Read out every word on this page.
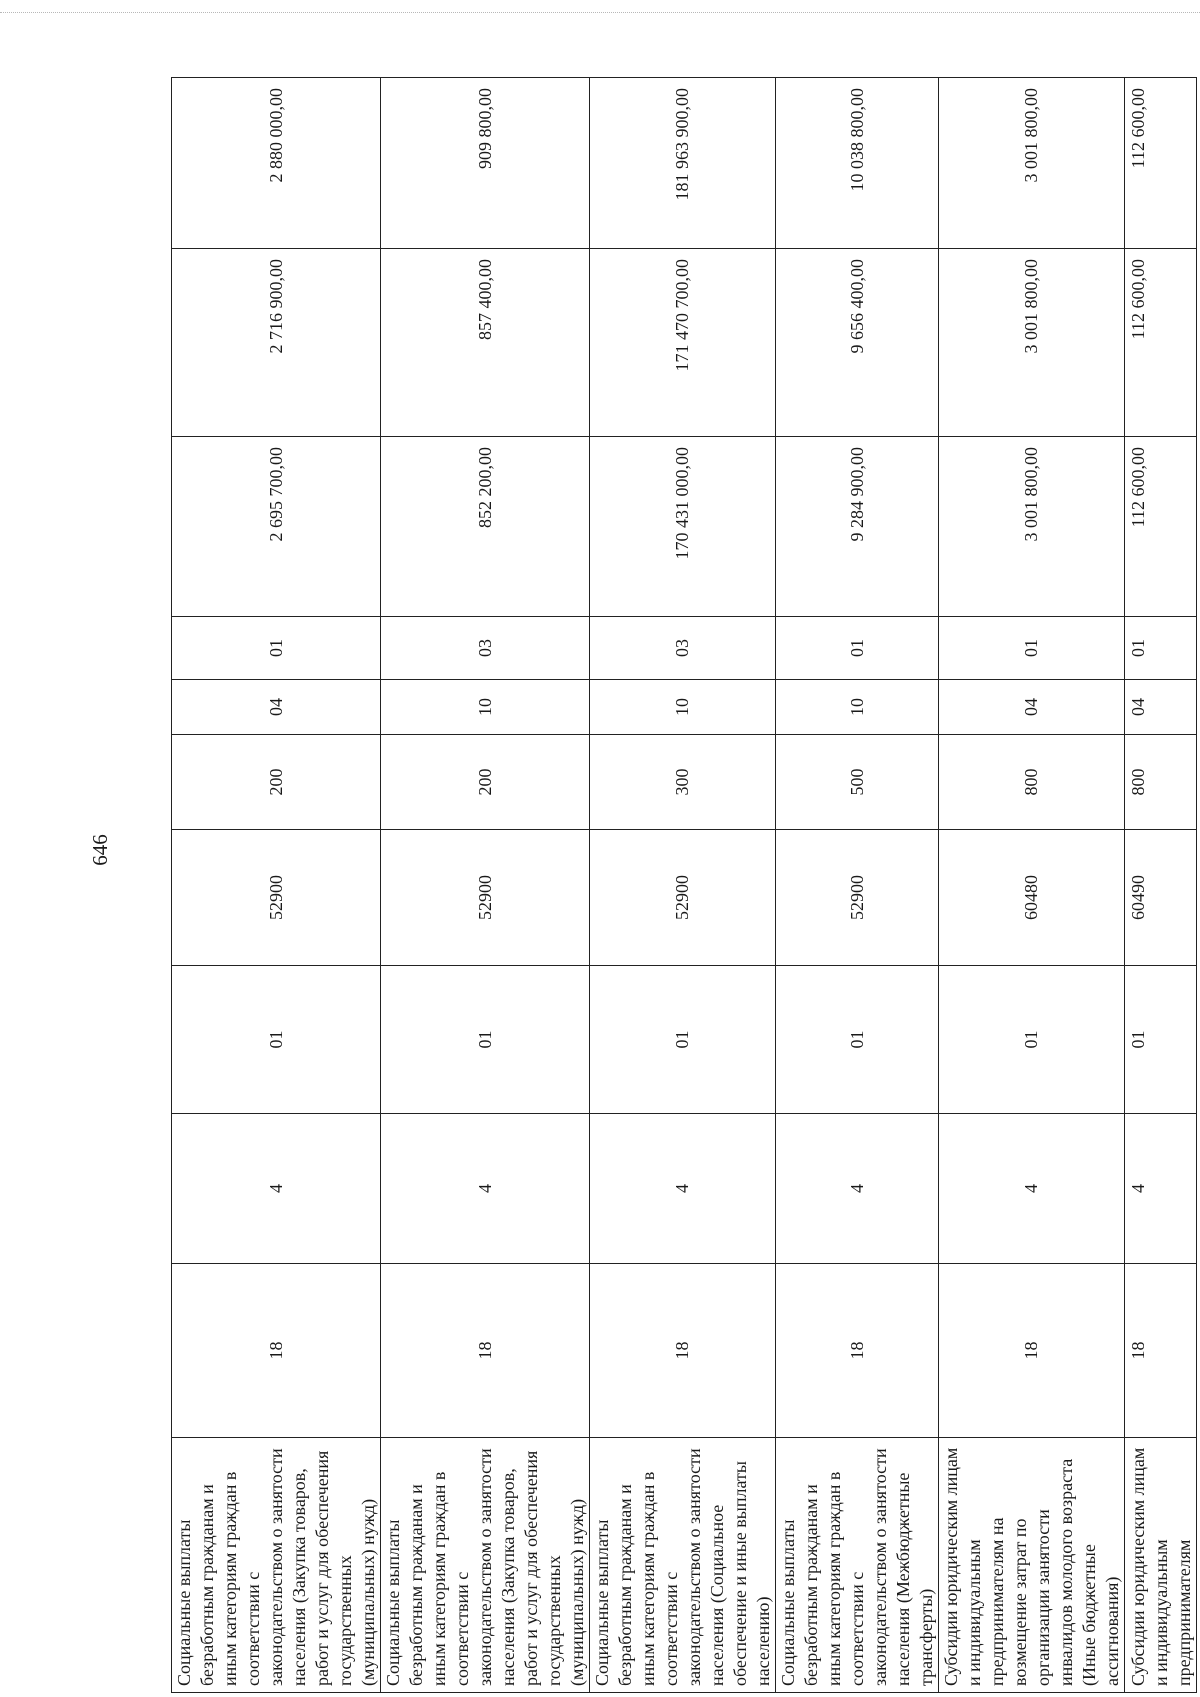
646
Социальные выплаты безработным гражданам и иным категориям граждан в соответствии с законодательством о занятости населения (Закупка товаров, работ и услуг для обеспечения государственных (муниципальных) нужд)	18	4	01	52900	200	04	01	2 695 700,00	2 716 900,00	2 880 000,00
Социальные выплаты безработным гражданам и иным категориям граждан в соответствии с законодательством о занятости населения (Закупка товаров, работ и услуг для обеспечения государственных (муниципальных) нужд)	18	4	01	52900	200	10	03	852 200,00	857 400,00	909 800,00
Социальные выплаты безработным гражданам и иным категориям граждан в соответствии с законодательством о занятости населения (Социальное обеспечение и иные выплаты населению)	18	4	01	52900	300	10	03	170 431 000,00	171 470 700,00	181 963 900,00
Социальные выплаты безработным гражданам и иным категориям граждан в соответствии с законодательством о занятости населения (Межбюджетные трансферты)	18	4	01	52900	500	10	01	9 284 900,00	9 656 400,00	10 038 800,00
Субсидии юридическим лицам и индивидуальным предпринимателям на возмещение затрат по организации занятости инвалидов молодого возраста (Иные бюджетные ассигнования)	18	4	01	60480	800	04	01	3 001 800,00	3 001 800,00	3 001 800,00
Субсидии юридическим лицам и индивидуальным предпринимателям	18	4	01	60490	800	04	01	112 600,00	112 600,00	112 600,00
